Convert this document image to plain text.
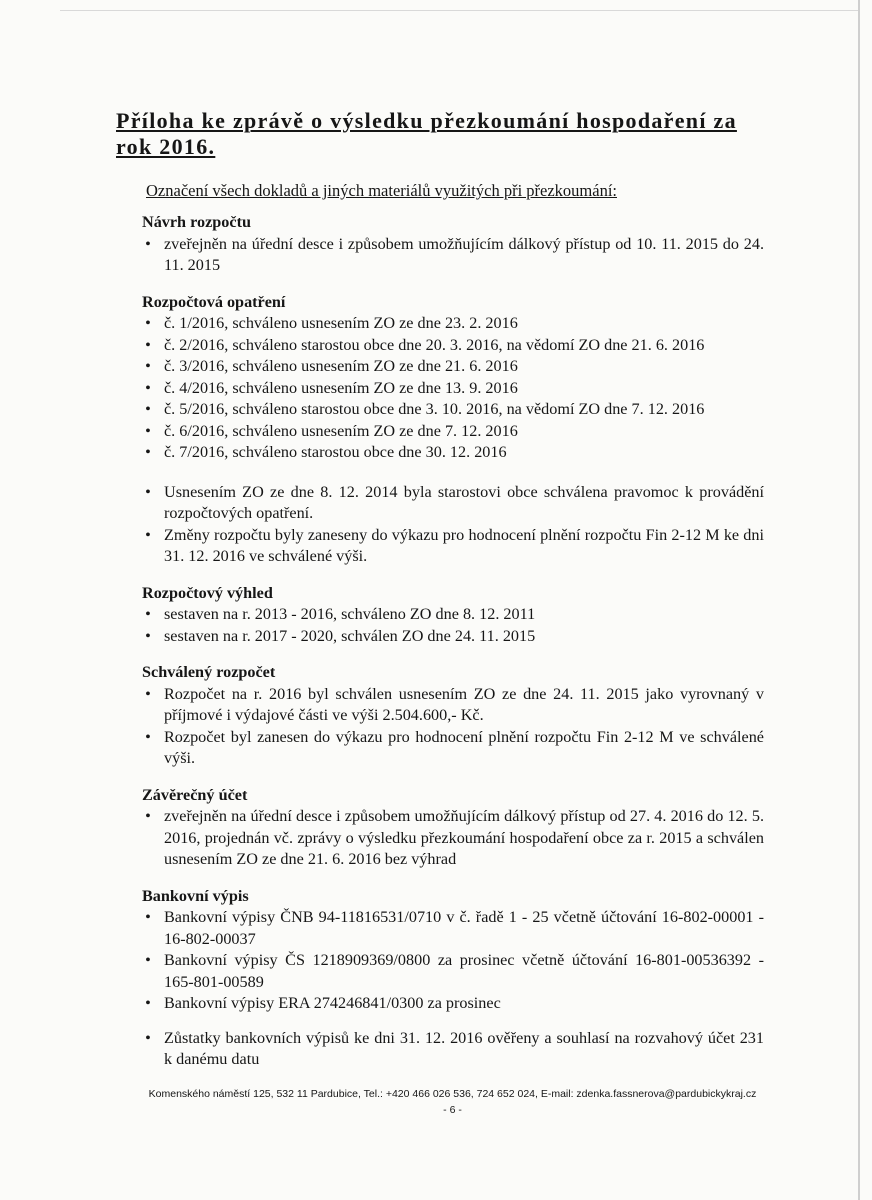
Příloha ke zprávě o výsledku přezkoumání hospodaření za rok 2016.

Označení všech dokladů a jiných materiálů využitých při přezkoumání:

Návrh rozpočtu

• zveřejněn na úřední desce i způsobem umožňujícím dálkový přístup od 10. 11. 2015 do 24. 11. 2015

Rozpočtová opatření

• č. 1/2016, schváleno usnesením ZO ze dne 23. 2. 2016
• č. 2/2016, schváleno starostou obce dne 20. 3. 2016, na vědomí ZO dne 21. 6. 2016
• č. 3/2016, schváleno usnesením ZO ze dne 21. 6. 2016
• č. 4/2016, schváleno usnesením ZO ze dne 13. 9. 2016
• č. 5/2016, schváleno starostou obce dne 3. 10. 2016, na vědomí ZO dne 7. 12. 2016
• č. 6/2016, schváleno usnesením ZO ze dne 7. 12. 2016
• č. 7/2016, schváleno starostou obce dne 30. 12. 2016
• Usnesením ZO ze dne 8. 12. 2014 byla starostovi obce schválena pravomoc k provádění rozpočtových opatření.
• Změny rozpočtu byly zaneseny do výkazu pro hodnocení plnění rozpočtu Fin 2-12 M ke dni 31. 12. 2016 ve schválené výši.

Rozpočtový výhled

• sestaven na r. 2013 - 2016, schváleno ZO dne 8. 12. 2011
• sestaven na r. 2017 - 2020, schválen ZO dne 24. 11. 2015

Schválený rozpočet

• Rozpočet na r. 2016 byl schválen usnesením ZO ze dne 24. 11. 2015 jako vyrovnaný v příjmové i výdajové části ve výši 2.504.600,- Kč.
• Rozpočet byl zanesen do výkazu pro hodnocení plnění rozpočtu Fin 2-12 M ve schválené výši.

Závěrečný účet

• zveřejněn na úřední desce i způsobem umožňujícím dálkový přístup od 27. 4. 2016 do 12. 5. 2016, projednán vč. zprávy o výsledku přezkoumání hospodaření obce za r. 2015 a schválen usnesením ZO ze dne 21. 6. 2016 bez výhrad

Bankovní výpis

• Bankovní výpisy ČNB 94-11816531/0710 v č. řadě 1 - 25 včetně účtování 16-802-00001 - 16-802-00037
• Bankovní výpisy ČS 1218909369/0800 za prosinec včetně účtování 16-801-00536392 - 165-801-00589
• Bankovní výpisy ERA 274246841/0300 za prosinec
• Zůstatky bankovních výpisů ke dni 31. 12. 2016 ověřeny a souhlasí na rozvahový účet 231 k danému datu
Komenského náměstí 125, 532 11 Pardubice, Tel.: +420 466 026 536, 724 652 024, E-mail: zdenka.fassnerova@pardubickykraj.cz
- 6 -
